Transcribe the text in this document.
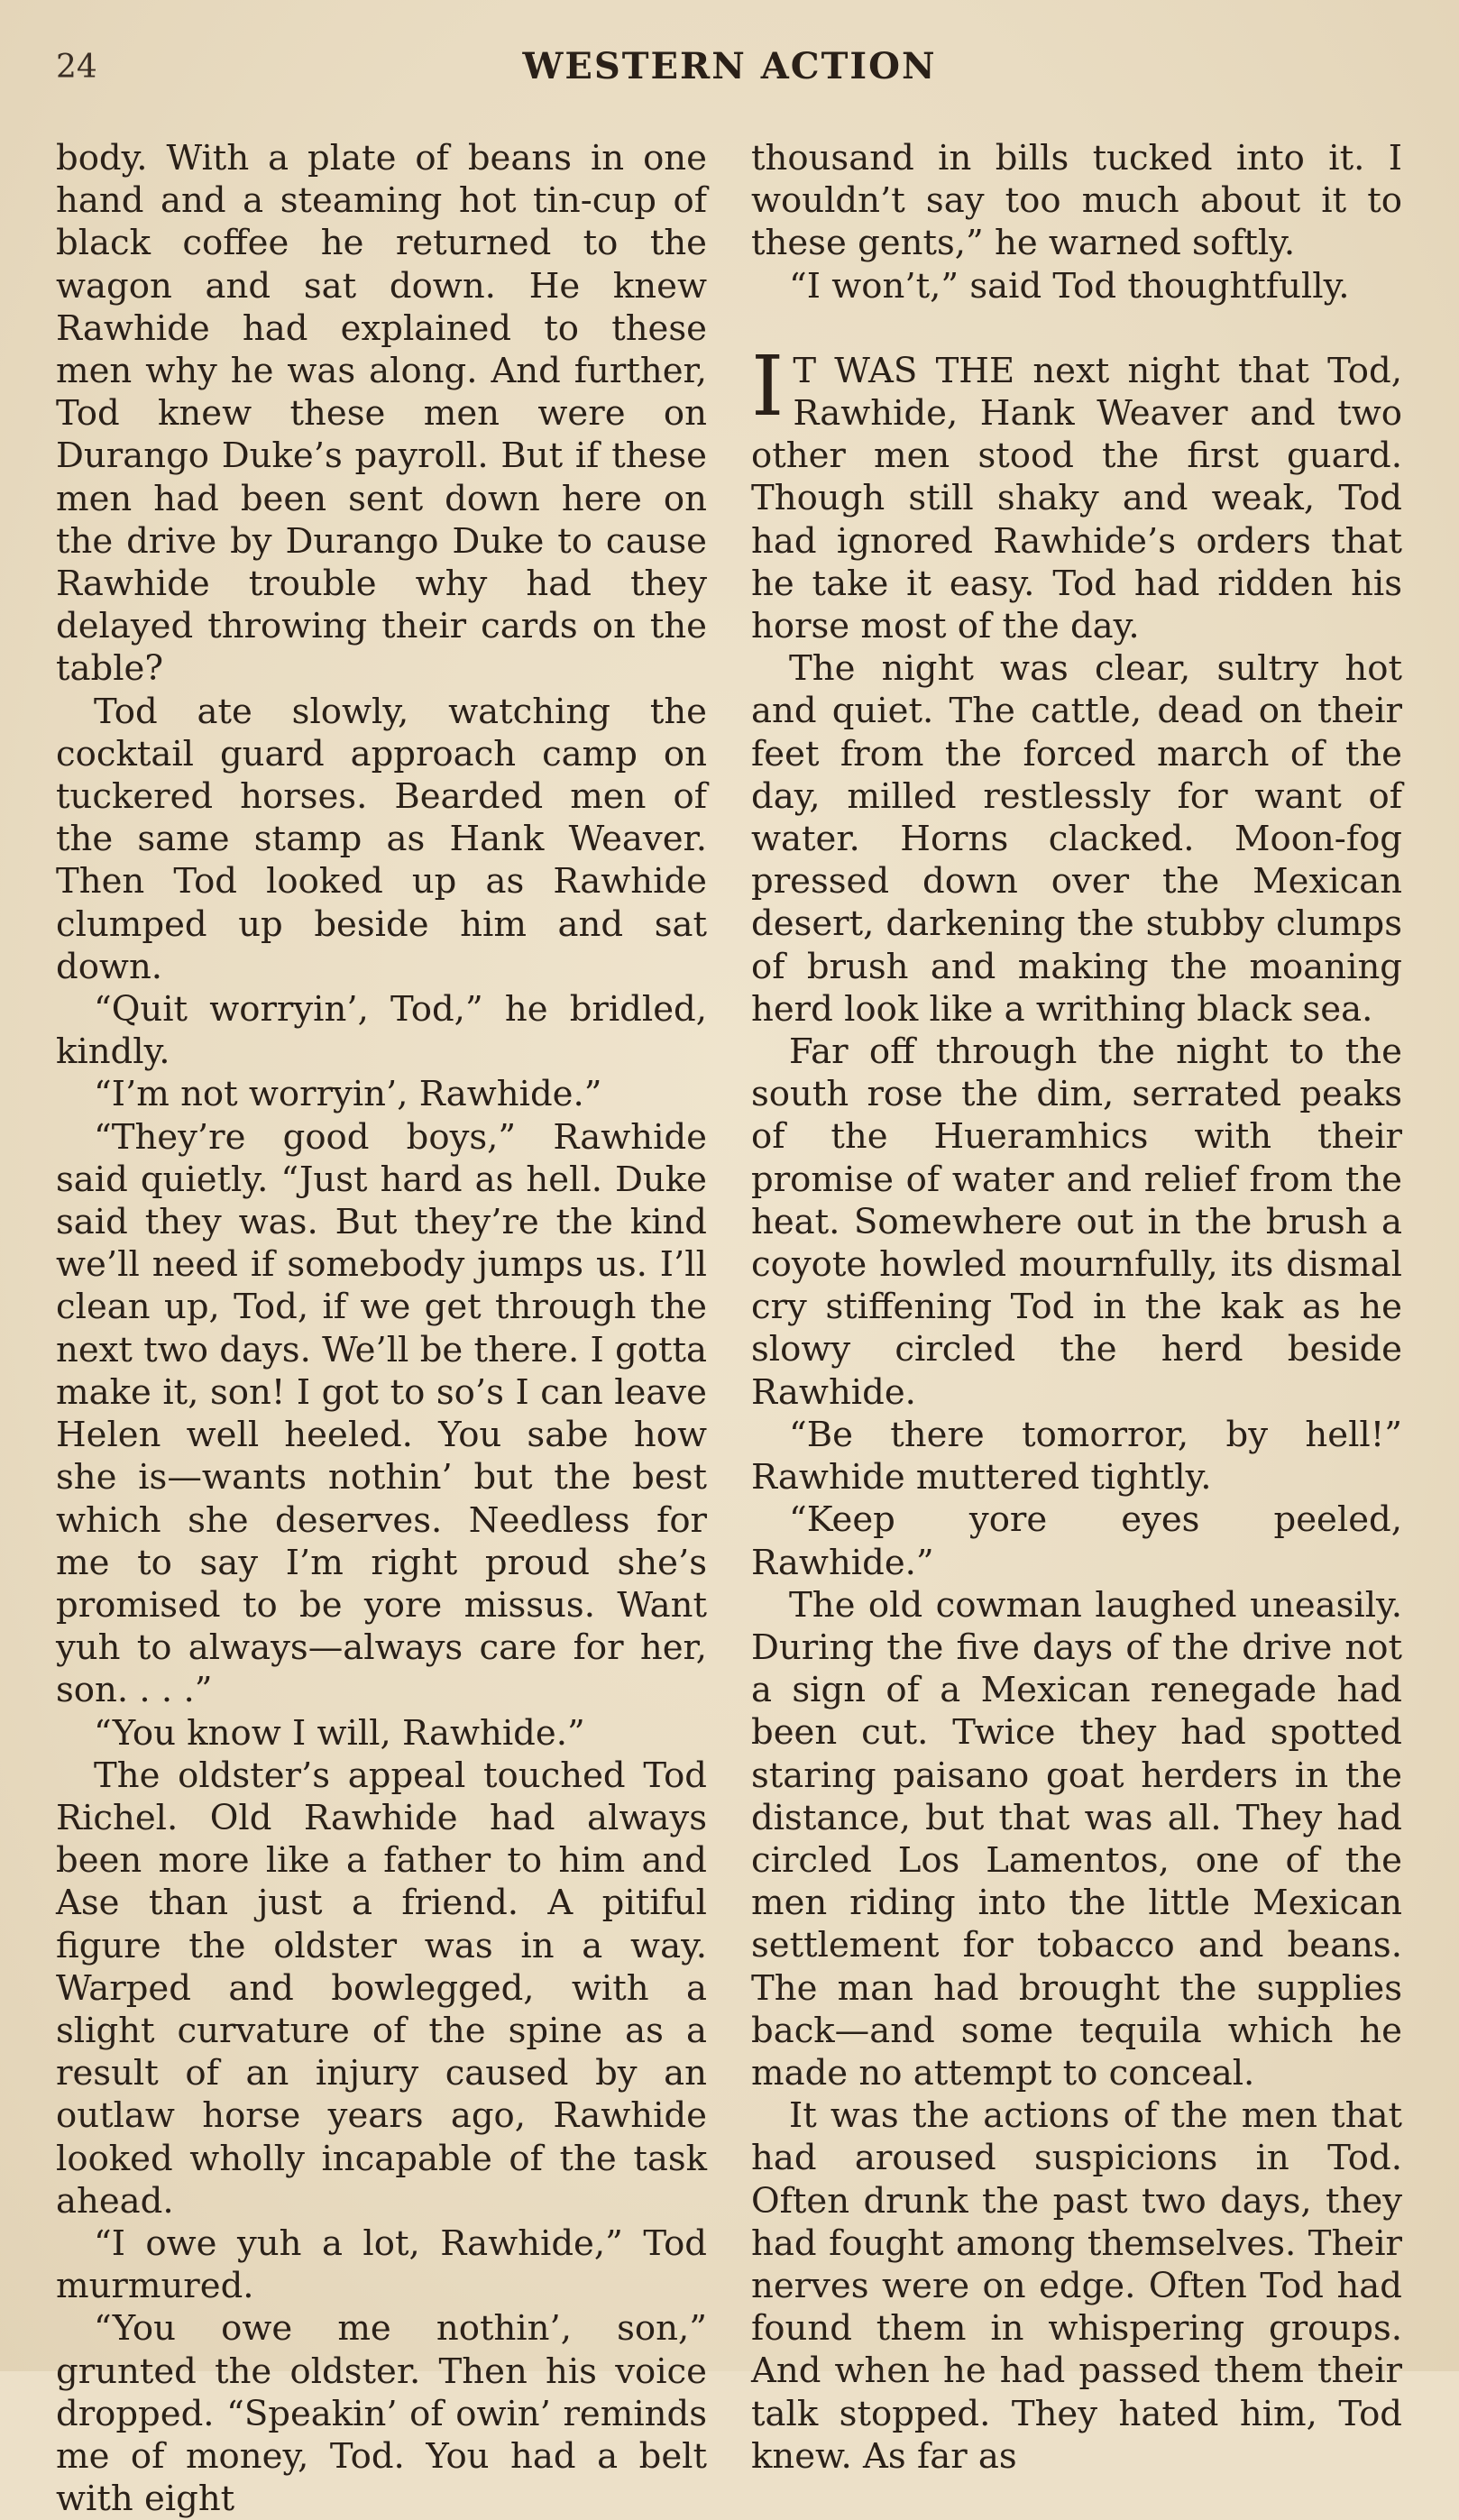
24	WESTERN ACTION

body. With a plate of beans in one hand and a steaming hot tin-cup of black coffee he returned to the wagon and sat down. He knew Rawhide had explained to these men why he was along. And further, Tod knew these men were on Durango Duke’s payroll. But if these men had been sent down here on the drive by Durango Duke to cause Rawhide trouble why had they delayed throwing their cards on the table?

Tod ate slowly, watching the cocktail guard approach camp on tuckered horses. Bearded men of the same stamp as Hank Weaver. Then Tod looked up as Rawhide clumped up beside him and sat down.

“Quit worryin’, Tod,” he bridled, kindly.

“I’m not worryin’, Rawhide.”

“They’re good boys,” Rawhide said quietly. “Just hard as hell. Duke said they was. But they’re the kind we’ll need if somebody jumps us. I’ll clean up, Tod, if we get through the next two days. We’ll be there. I gotta make it, son! I got to so’s I can leave Helen well heeled. You sabe how she is—wants nothin’ but the best which she deserves. Needless for me to say I’m right proud she’s promised to be yore missus. Want yuh to always—always care for her, son. . . .”

“You know I will, Rawhide.”

The oldster’s appeal touched Tod Richel. Old Rawhide had always been more like a father to him and Ase than just a friend. A pitiful figure the oldster was in a way. Warped and bowlegged, with a slight curvature of the spine as a result of an injury caused by an outlaw horse years ago, Rawhide looked wholly incapable of the task ahead.

“I owe yuh a lot, Rawhide,” Tod murmured.

“You owe me nothin’, son,” grunted the oldster. Then his voice dropped. “Speakin’ of owin’ reminds me of money, Tod. You had a belt with eight

thousand in bills tucked into it. I wouldn’t say too much about it to these gents,” he warned softly.

“I won’t,” said Tod thoughtfully.

I T WAS THE next night that Tod, Rawhide, Hank Weaver and two other men stood the first guard. Though still shaky and weak, Tod had ignored Rawhide’s orders that he take it easy. Tod had ridden his horse most of the day.

The night was clear, sultry hot and quiet. The cattle, dead on their feet from the forced march of the day, milled restlessly for want of water. Horns clacked. Moon-fog pressed down over the Mexican desert, darkening the stubby clumps of brush and making the moaning herd look like a writhing black sea.

Far off through the night to the south rose the dim, serrated peaks of the Hueramhics with their promise of water and relief from the heat. Somewhere out in the brush a coyote howled mournfully, its dismal cry stiffening Tod in the kak as he slowy circled the herd beside Rawhide.

“Be there tomorror, by hell!” Rawhide muttered tightly.

“Keep yore eyes peeled, Rawhide.”

The old cowman laughed uneasily. During the five days of the drive not a sign of a Mexican renegade had been cut. Twice they had spotted staring paisano goat herders in the distance, but that was all. They had circled Los Lamentos, one of the men riding into the little Mexican settlement for tobacco and beans. The man had brought the supplies back—and some tequila which he made no attempt to conceal.

It was the actions of the men that had aroused suspicions in Tod. Often drunk the past two days, they had fought among themselves. Their nerves were on edge. Often Tod had found them in whispering groups. And when he had passed them their talk stopped. They hated him, Tod knew. As far as
